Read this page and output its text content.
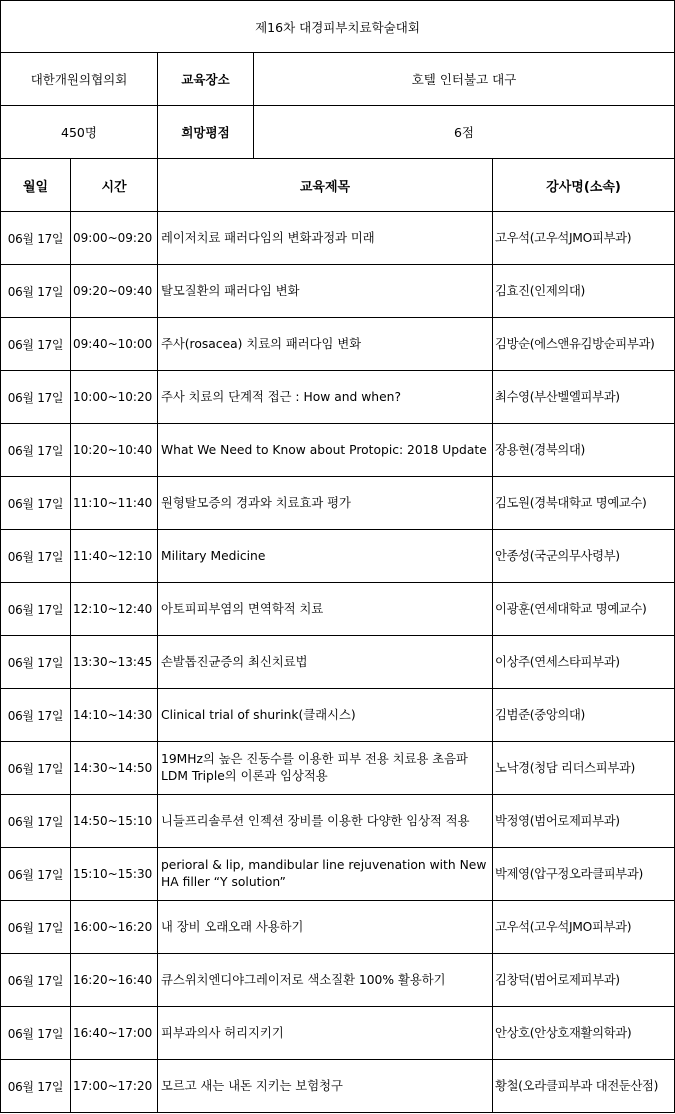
제16차 대경피부치료학술대회				
대한개원의협의회		교육장소	호텔 인터불고 대구	
450명		희망평점	6점	
월일	시간	교육제목		강사명(소속)
06월 17일	09:00~09:20	레이저치료 패러다임의 변화과정과 미래		고우석(고우석JMO피부과)
06월 17일	09:20~09:40	탈모질환의 패러다임 변화		김효진(인제의대)
06월 17일	09:40~10:00	주사(rosacea) 치료의 패러다임 변화		김방순(에스앤유김방순피부과)
06월 17일	10:00~10:20	주사 치료의 단계적 접근 : How and when?		최수영(부산벨엘피부과)
06월 17일	10:20~10:40	What We Need to Know about Protopic: 2018 Update		장용현(경북의대)
06월 17일	11:10~11:40	원형탈모증의 경과와 치료효과 평가		김도원(경북대학교 명예교수)
06월 17일	11:40~12:10	Military Medicine		안종성(국군의무사령부)
06월 17일	12:10~12:40	아토피피부염의 면역학적 치료		이광훈(연세대학교 명예교수)
06월 17일	13:30~13:45	손발톱진균증의 최신치료법		이상주(연세스타피부과)
06월 17일	14:10~14:30	Clinical trial of shurink(클래시스)		김범준(중앙의대)
06월 17일	14:30~14:50	19MHz의 높은 진동수를 이용한 피부 전용 치료용 초음파 LDM Triple의 이론과 임상적용		노낙경(청담 리더스피부과)
06월 17일	14:50~15:10	니들프리솔루션 인젝션 장비를 이용한 다양한 임상적 적용		박정영(범어로제피부과)
06월 17일	15:10~15:30	perioral & lip, mandibular line rejuvenation with New HA filler “Y solution”		박제영(압구정오라클피부과)
06월 17일	16:00~16:20	내 장비 오래오래 사용하기		고우석(고우석JMO피부과)
06월 17일	16:20~16:40	큐스위치엔디야그레이저로 색소질환 100% 활용하기		김창덕(범어로제피부과)
06월 17일	16:40~17:00	피부과의사 허리지키기		안상호(안상호재활의학과)
06월 17일	17:00~17:20	모르고 새는 내돈 지키는 보험청구		황철(오라클피부과 대전둔산점)
